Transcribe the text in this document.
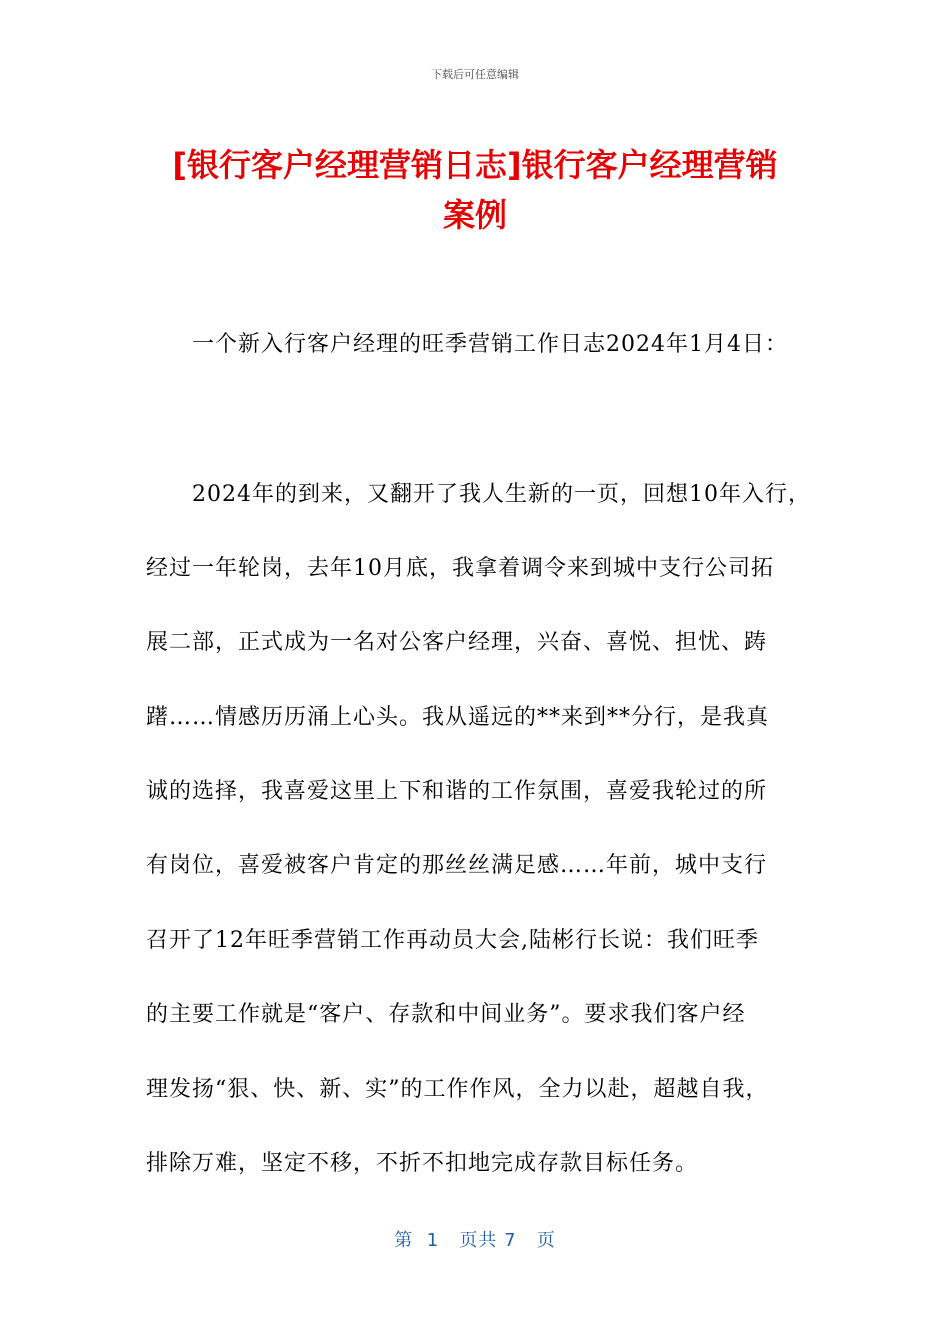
下载后可任意编辑
[银行客户经理营销日志]银行客户经理营销
案例
一个新入行客户经理的旺季营销工作日志2024年1月4日：
2024年的到来，又翻开了我人生新的一页，回想10年入行，
经过一年轮岗，去年10月底，我拿着调令来到城中支行公司拓
展二部，正式成为一名对公客户经理，兴奋、喜悦、担忧、踌
躇……情感历历涌上心头。我从遥远的**来到**分行，是我真
诚的选择，我喜爱这里上下和谐的工作氛围，喜爱我轮过的所
有岗位，喜爱被客户肯定的那丝丝满足感……年前，城中支行
召开了12年旺季营销工作再动员大会,陆彬行长说：我们旺季
的主要工作就是“客户、存款和中间业务”。要求我们客户经
理发扬“狠、快、新、实”的工作作风，全力以赴，超越自我，
排除万难，坚定不移，不折不扣地完成存款目标任务。
第  1   页共 7   页
